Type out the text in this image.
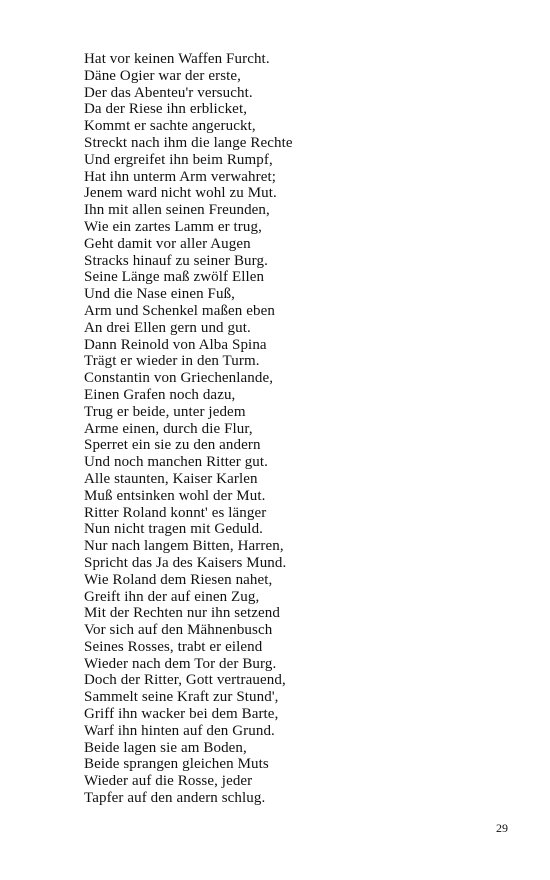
Hat vor keinen Waffen Furcht.
Däne Ogier war der erste,
Der das Abenteu'r versucht.
Da der Riese ihn erblicket,
Kommt er sachte angeruckt,
Streckt nach ihm die lange Rechte
Und ergreifet ihn beim Rumpf,
Hat ihn unterm Arm verwahret;
Jenem ward nicht wohl zu Mut.
Ihn mit allen seinen Freunden,
Wie ein zartes Lamm er trug,
Geht damit vor aller Augen
Stracks hinauf zu seiner Burg.
Seine Länge maß zwölf Ellen
Und die Nase einen Fuß,
Arm und Schenkel maßen eben
An drei Ellen gern und gut.
Dann Reinold von Alba Spina
Trägt er wieder in den Turm.
Constantin von Griechenlande,
Einen Grafen noch dazu,
Trug er beide, unter jedem
Arme einen, durch die Flur,
Sperret ein sie zu den andern
Und noch manchen Ritter gut.
Alle staunten, Kaiser Karlen
Muß entsinken wohl der Mut.
Ritter Roland konnt' es länger
Nun nicht tragen mit Geduld.
Nur nach langem Bitten, Harren,
Spricht das Ja des Kaisers Mund.
Wie Roland dem Riesen nahet,
Greift ihn der auf einen Zug,
Mit der Rechten nur ihn setzend
Vor sich auf den Mähnenbusch
Seines Rosses, trabt er eilend
Wieder nach dem Tor der Burg.
Doch der Ritter, Gott vertrauend,
Sammelt seine Kraft zur Stund',
Griff ihn wacker bei dem Barte,
Warf ihn hinten auf den Grund.
Beide lagen sie am Boden,
Beide sprangen gleichen Muts
Wieder auf die Rosse, jeder
Tapfer auf den andern schlug.
29
